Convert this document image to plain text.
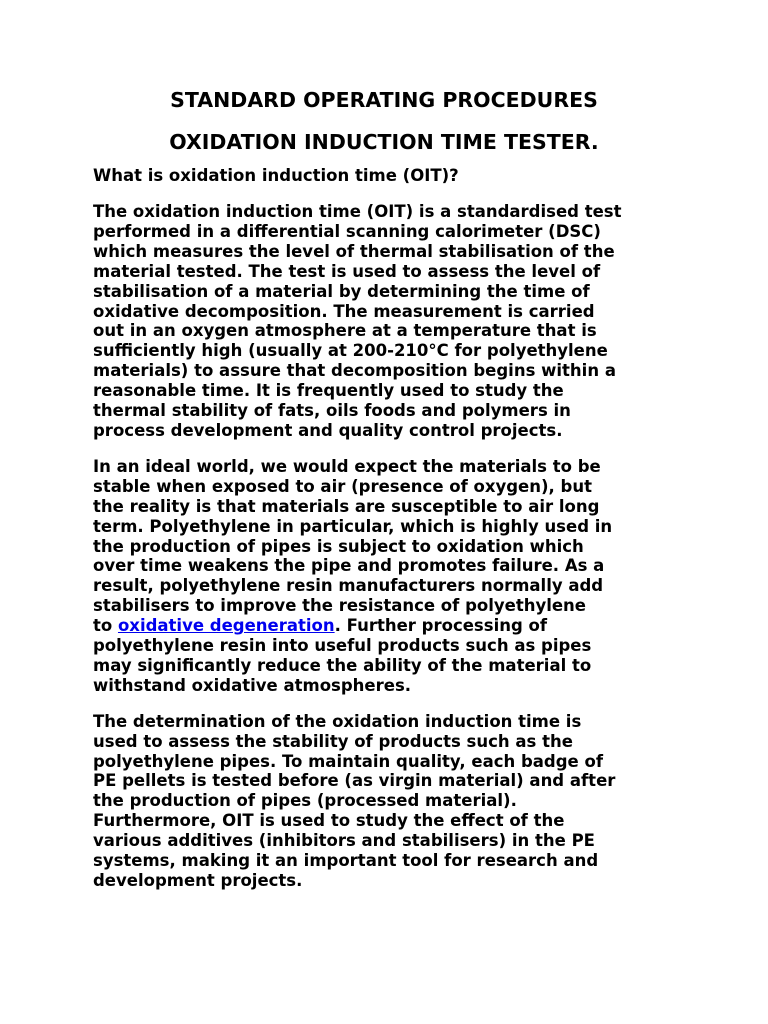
STANDARD OPERATING PROCEDURES
OXIDATION INDUCTION TIME TESTER.
What is oxidation induction time (OIT)?
The oxidation induction time (OIT) is a standardised test
performed in a differential scanning calorimeter (DSC)
which measures the level of thermal stabilisation of the
material tested. The test is used to assess the level of
stabilisation of a material by determining the time of
oxidative decomposition. The measurement is carried
out in an oxygen atmosphere at a temperature that is
sufficiently high (usually at 200-210°C for polyethylene
materials) to assure that decomposition begins within a
reasonable time. It is frequently used to study the
thermal stability of fats, oils foods and polymers in
process development and quality control projects.
In an ideal world, we would expect the materials to be
stable when exposed to air (presence of oxygen), but
the reality is that materials are susceptible to air long
term. Polyethylene in particular, which is highly used in
the production of pipes is subject to oxidation which
over time weakens the pipe and promotes failure. As a
result, polyethylene resin manufacturers normally add
stabilisers to improve the resistance of polyethylene
to oxidative degeneration. Further processing of
polyethylene resin into useful products such as pipes
may significantly reduce the ability of the material to
withstand oxidative atmospheres.
The determination of the oxidation induction time is
used to assess the stability of products such as the
polyethylene pipes. To maintain quality, each badge of
PE pellets is tested before (as virgin material) and after
the production of pipes (processed material).
Furthermore, OIT is used to study the effect of the
various additives (inhibitors and stabilisers) in the PE
systems, making it an important tool for research and
development projects.
